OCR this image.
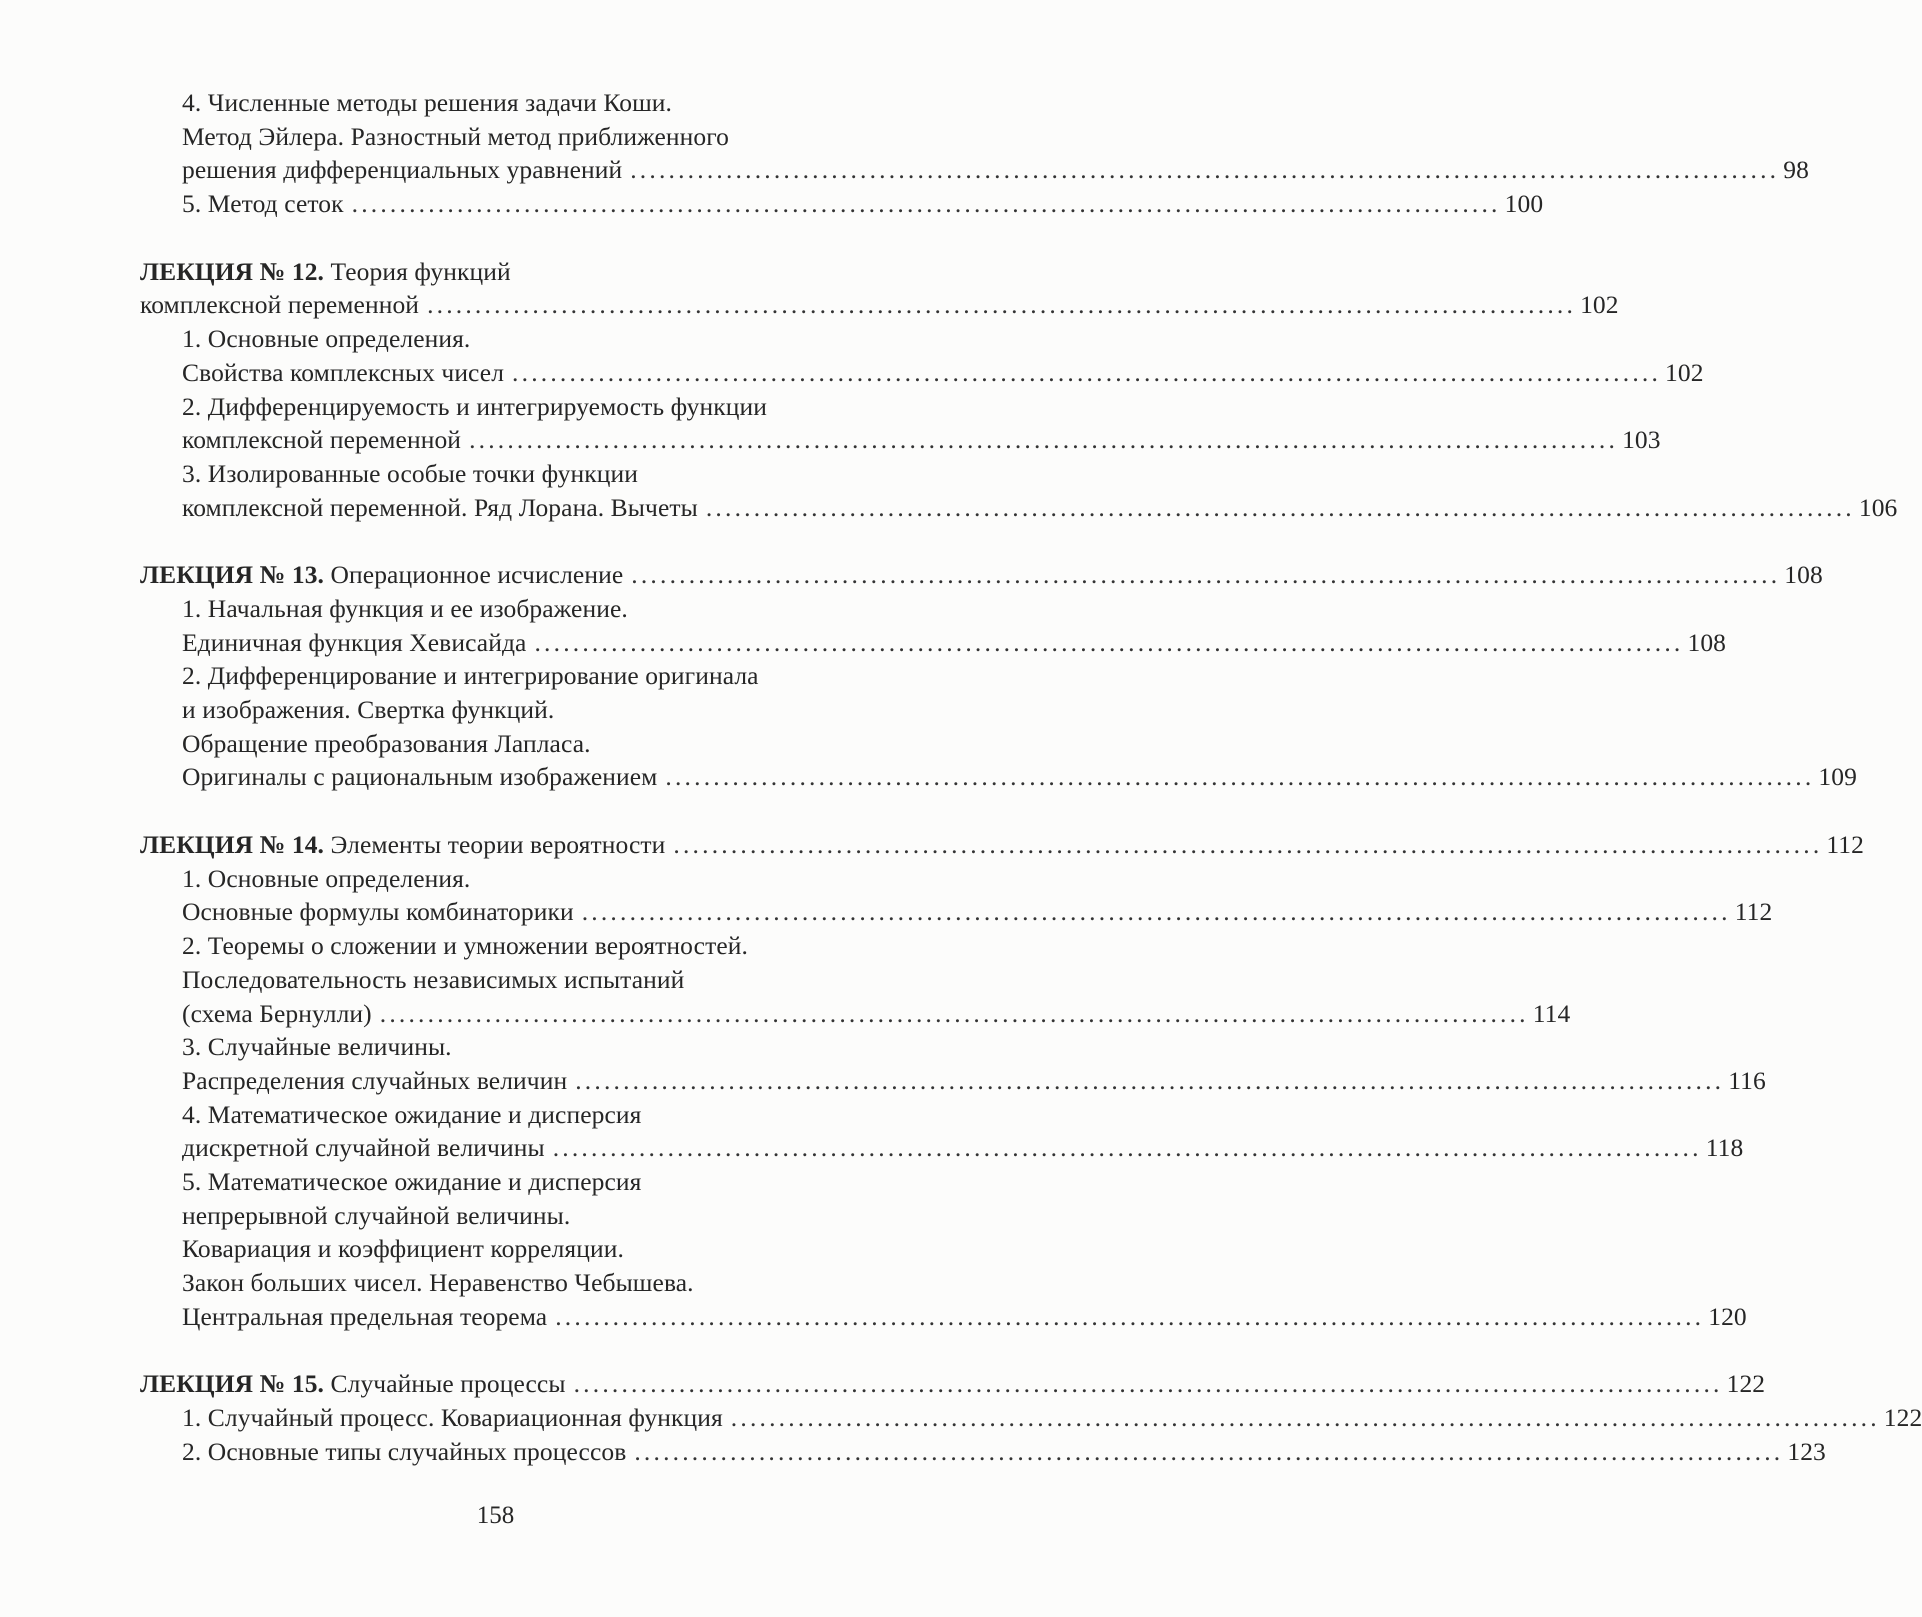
4. Численные методы решения задачи Коши.
Метод Эйлера. Разностный метод приближенного
решения дифференциальных уравнений ........................................................................................................................ 98
5. Метод сеток ........................................................................................................................ 100
ЛЕКЦИЯ № 12. Теория функций
комплексной переменной ........................................................................................................................ 102
1. Основные определения.
Свойства комплексных чисел ........................................................................................................................ 102
2. Дифференцируемость и интегрируемость функции
комплексной переменной ........................................................................................................................ 103
3. Изолированные особые точки функции
комплексной переменной. Ряд Лорана. Вычеты ........................................................................................................................ 106
ЛЕКЦИЯ № 13. Операционное исчисление ........................................................................................................................ 108
1. Начальная функция и ее изображение.
Единичная функция Хевисайда ........................................................................................................................ 108
2. Дифференцирование и интегрирование оригинала
и изображения. Свертка функций.
Обращение преобразования Лапласа.
Оригиналы с рациональным изображением ........................................................................................................................ 109
ЛЕКЦИЯ № 14. Элементы теории вероятности ........................................................................................................................ 112
1. Основные определения.
Основные формулы комбинаторики ........................................................................................................................ 112
2. Теоремы о сложении и умножении вероятностей.
Последовательность независимых испытаний
(схема Бернулли) ........................................................................................................................ 114
3. Случайные величины.
Распределения случайных величин ........................................................................................................................ 116
4. Математическое ожидание и дисперсия
дискретной случайной величины ........................................................................................................................ 118
5. Математическое ожидание и дисперсия
непрерывной случайной величины.
Ковариация и коэффициент корреляции.
Закон больших чисел. Неравенство Чебышева.
Центральная предельная теорема ........................................................................................................................ 120
ЛЕКЦИЯ № 15. Случайные процессы ........................................................................................................................ 122
1. Случайный процесс. Ковариационная функция ........................................................................................................................ 122
2. Основные типы случайных процессов ........................................................................................................................ 123
158
